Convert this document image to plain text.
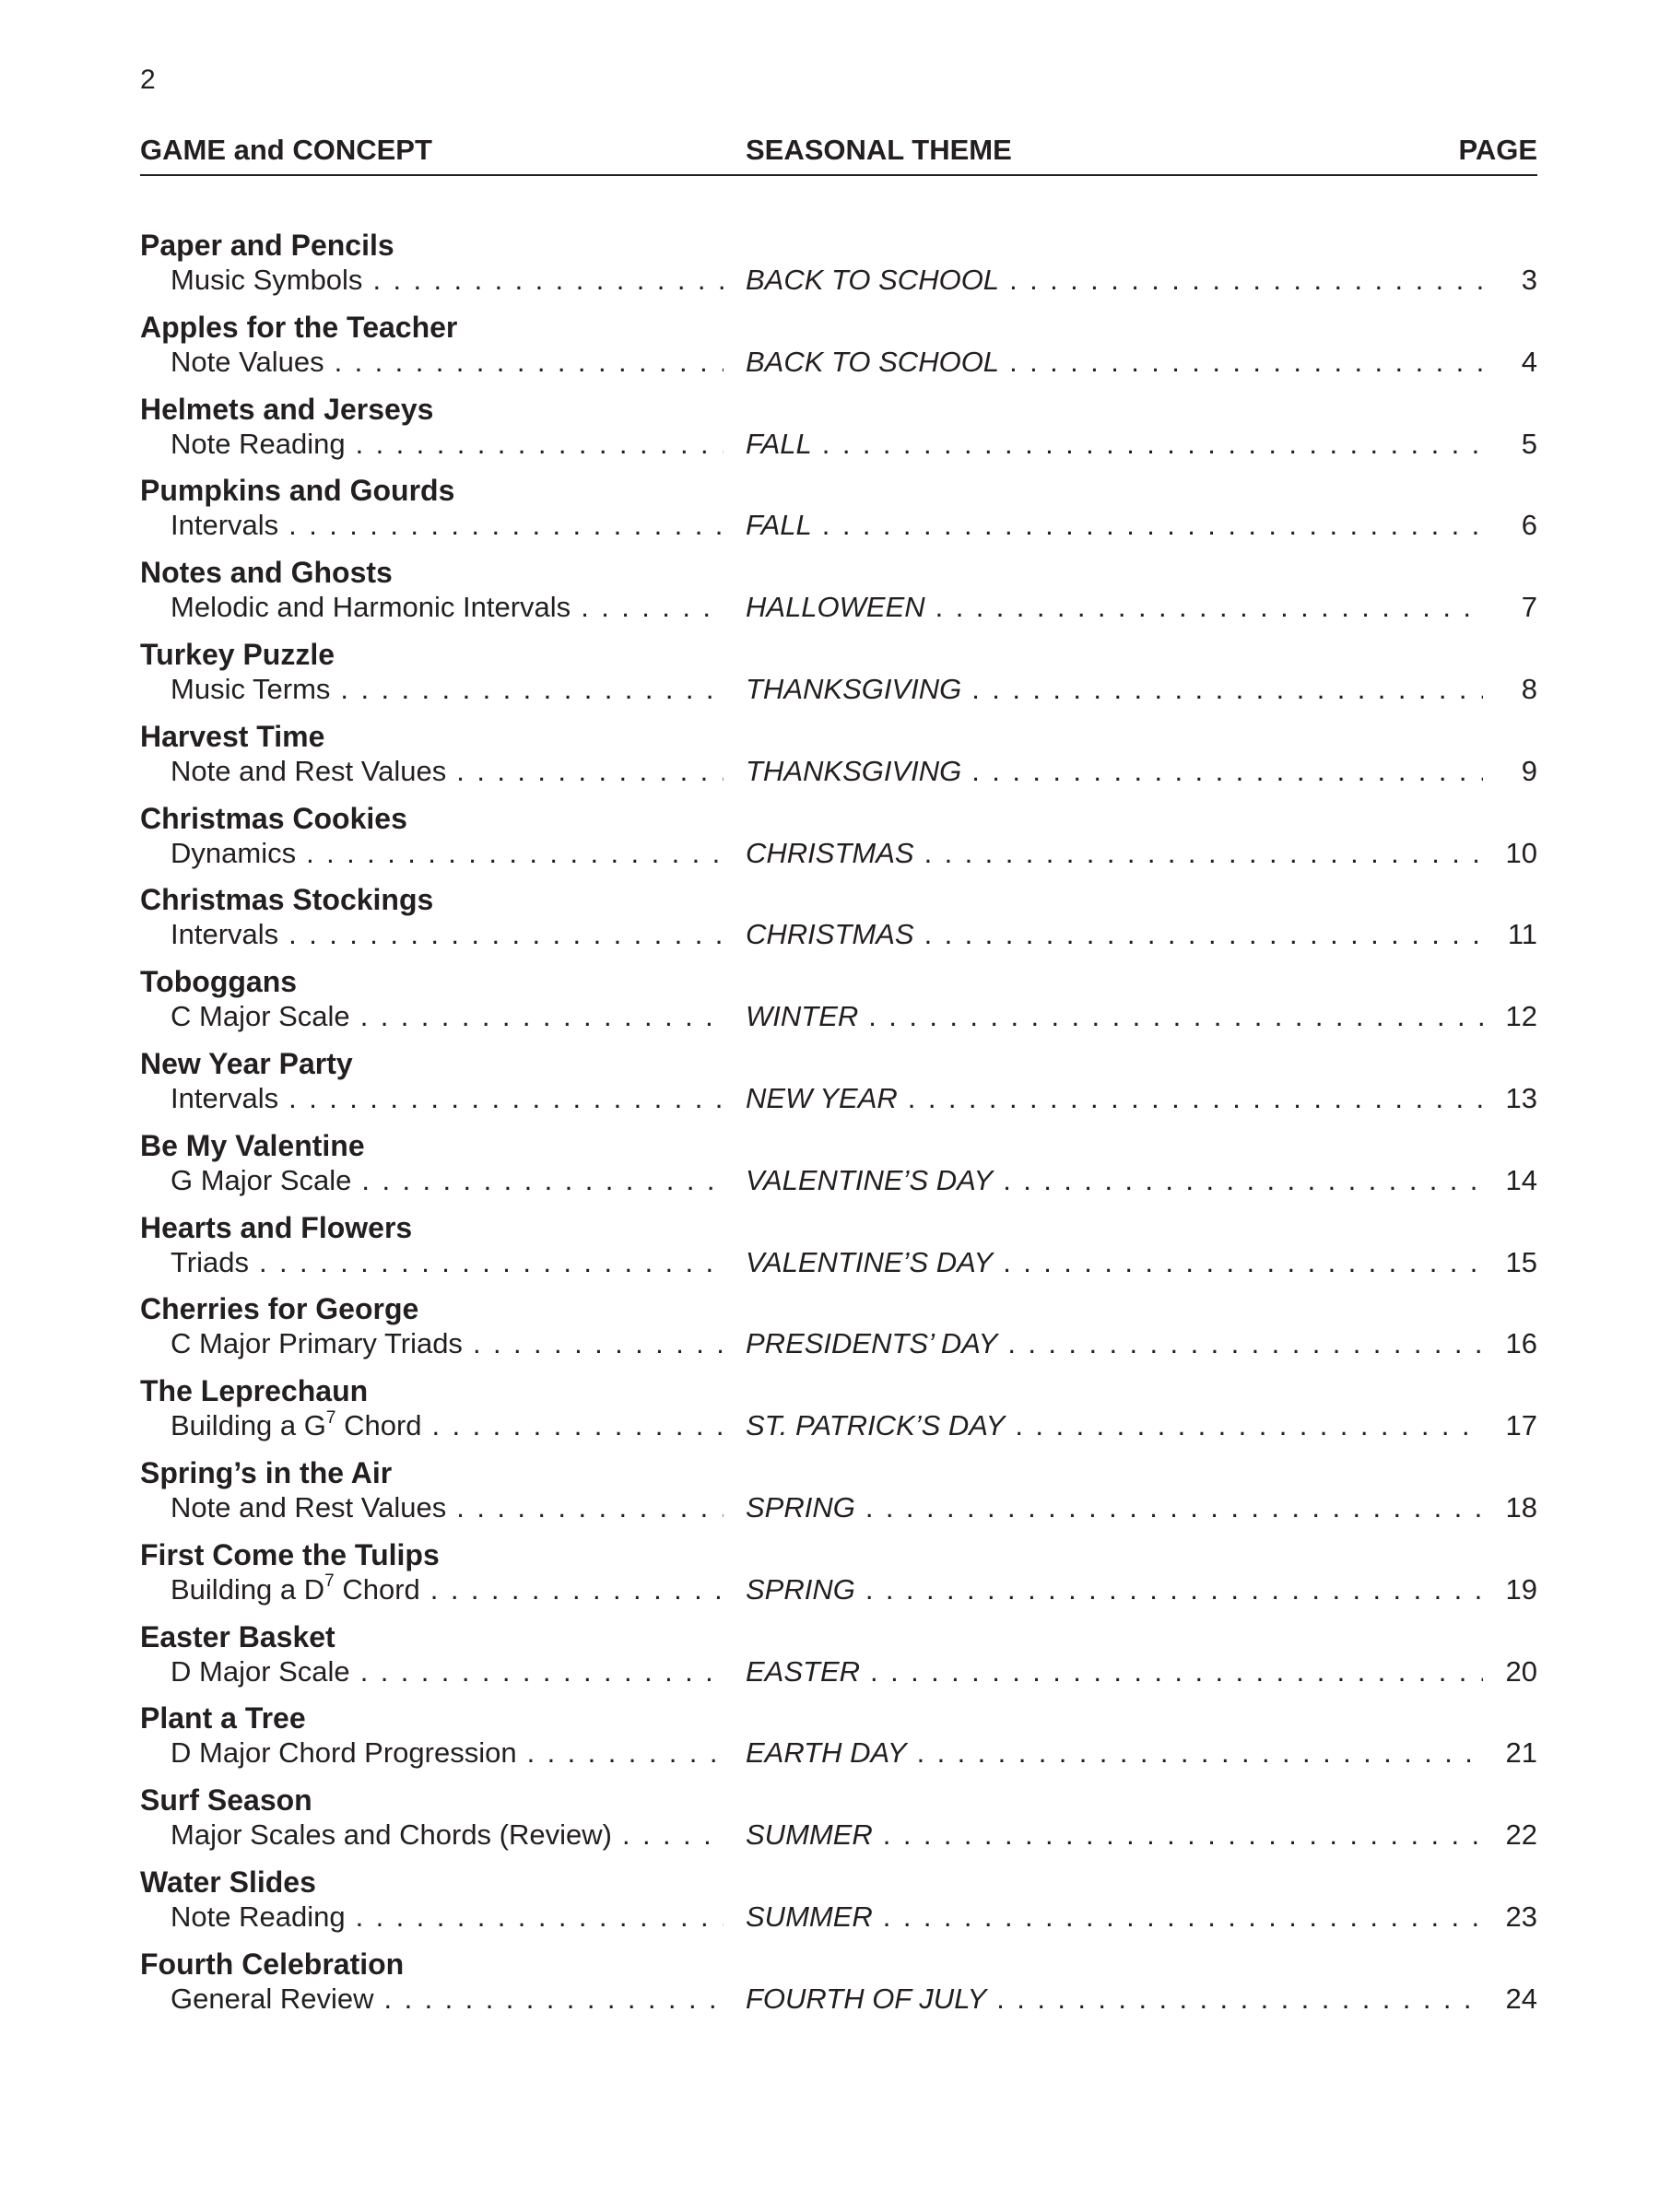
2
GAME and CONCEPT	SEASONAL THEME	PAGE
Paper and Pencils
Music Symbols . . .	BACK TO SCHOOL . . .	3
Apples for the Teacher
Note Values . . .	BACK TO SCHOOL . . .	4
Helmets and Jerseys
Note Reading . . .	FALL . . .	5
Pumpkins and Gourds
Intervals . . .	FALL . . .	6
Notes and Ghosts
Melodic and Harmonic Intervals . . .	HALLOWEEN . . .	7
Turkey Puzzle
Music Terms . . .	THANKSGIVING . . .	8
Harvest Time
Note and Rest Values . . .	THANKSGIVING . . .	9
Christmas Cookies
Dynamics . . .	CHRISTMAS . . .	10
Christmas Stockings
Intervals . . .	CHRISTMAS . . .	11
Toboggans
C Major Scale . . .	WINTER . . .	12
New Year Party
Intervals . . .	NEW YEAR . . .	13
Be My Valentine
G Major Scale . . .	VALENTINE’S DAY . . .	14
Hearts and Flowers
Triads . . .	VALENTINE’S DAY . . .	15
Cherries for George
C Major Primary Triads . . .	PRESIDENTS’ DAY . . .	16
The Leprechaun
Building a $G^7$ Chord . . .	ST. PATRICK’S DAY . . .	17
Spring’s in the Air
Note and Rest Values . . .	SPRING . . .	18
First Come the Tulips
Building a $D^7$ Chord . . .	SPRING . . .	19
Easter Basket
D Major Scale . . .	EASTER . . .	20
Plant a Tree
D Major Chord Progression . . .	EARTH DAY . . .	21
Surf Season
Major Scales and Chords (Review) . . .	SUMMER . . .	22
Water Slides
Note Reading . . .	SUMMER . . .	23
Fourth Celebration
General Review . . .	FOURTH OF JULY . . .	24
